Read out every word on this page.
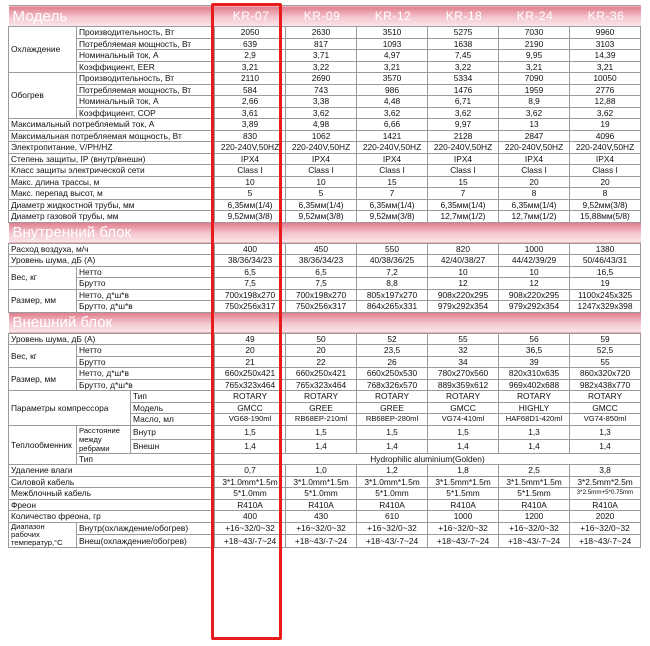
Модель			KR-07	KR-09	KR-12	KR-18	KR-24	KR-36
Охлаждение	Производительность, Вт		2050	2630	3510	5275	7030	9960
	Потребляемая мощность, Вт		639	817	1093	1638	2190	3103
	Номинальный ток, А		2,9	3,71	4,97	7,45	9,95	14,39
	Коэффициент, EER		3,21	3,22	3,21	3,22	3,21	3,21
Обогрев	Производительность, Вт		2110	2690	3570	5334	7090	10050
	Потребляемая мощность, Вт		584	743	986	1476	1959	2776
	Номинальный ток, А		2,66	3,38	4,48	6,71	8,9	12,88
	Коэффициент, COP		3,61	3,62	3,62	3,62	3,62	3,62
Максимальный потребляемый ток, А			3,89	4,98	6,66	9,97	13	19
Максимальная потребляемая мощность, Вт			830	1062	1421	2128	2847	4096
Электропитание, V/PH/HZ			220-240V,50HZ	220-240V,50HZ	220-240V,50HZ	220-240V,50HZ	220-240V,50HZ	220-240V,50HZ
Степень защиты, IP (внутр/внешн)			IPX4	IPX4	IPX4	IPX4	IPX4	IPX4
Класс защиты электрической сети			Class I	Class I	Class I	Class I	Class I	Class I
Макс. длина трассы, м			10	10	15	15	20	20
Макс. перепад высот, м			5	5	7	7	8	8
Диаметр жидкостной трубы, мм			6,35мм(1/4)	6,35мм(1/4)	6,35мм(1/4)	6,35мм(1/4)	6,35мм(1/4)	9,52мм(3/8)
Диаметр газовой трубы, мм			9,52мм(3/8)	9,52мм(3/8)	9,52мм(3/8)	12,7мм(1/2)	12,7мм(1/2)	15,88мм(5/8)
Внутренний блок								
Расход воздуха, м/ч			400	450	550	820	1000	1380
Уровень шума, дБ (А)			38/36/34/23	38/36/34/23	40/38/36/25	42/40/38/27	44/42/39/29	50/46/43/31
Вес, кг	Нетто		6,5	6,5	7,2	10	10	16,5
	Брутто		7,5	7,5	8,8	12	12	19
Размер, мм	Нетто, д*ш*в		700x198x270	700x198x270	805x197x270	908x220x295	908x220x295	1100x245x325
	Брутто, д*ш*в		750x256x317	750x256x317	864x265x331	979x292x354	979x292x354	1247x329x398
Внешний блок								
Уровень шума, дБ (А)			49	50	52	55	56	59
Вес, кг	Нетто		20	20	23,5	32	36,5	52,5
	Брутто		21	22	26	34	39	55
Размер, мм	Нетто, д*ш*в		660x250x421	660x250x421	660x250x530	780x270x560	820x310x635	860x320x720
	Брутто, д*ш*в		765x323x464	765x323x464	768x326x570	889x359x612	969x402x688	982x438x770
Параметры компрессора		Тип	ROTARY	ROTARY	ROTARY	ROTARY	ROTARY	ROTARY
		Модель	GMCC	GREE	GREE	GMCC	HIGHLY	GMCC
		Масло, мл	VG68-190ml	RB68EP-210ml	RB68EP-280ml	VG74-410ml	HAF68D1-420ml	VG74-850ml
Теплообменник	Расстояние между ребрами	Внутр	1,5	1,5	1,5	1,5	1,3	1,3
		Внешн	1,4	1,4	1,4	1,4	1,4	1,4
	Тип		Hydrophilic aluminium(Golden)					
Удаление влаги			0,7	1,0	1,2	1,8	2,5	3,8
Силовой кабель			3*1.0mm*1.5m	3*1.0mm*1.5m	3*1.0mm*1.5m	3*1.5mm*1.5m	3*1.5mm*1.5m	3*2.5mm*2.5m
Межблочный кабель			5*1.0mm	5*1.0mm	5*1.0mm	5*1.5mm	5*1.5mm	3*2.5mm+5*0.75mm
Фреон			R410A	R410A	R410A	R410A	R410A	R410A
Количество фреона, гр			400	430	610	1000	1200	2020
Диапазон рабочих температур,°С	Внутр(охлаждение/обогрев)		+16~32/0~32	+16~32/0~32	+16~32/0~32	+16~32/0~32	+16~32/0~32	+16~32/0~32
	Внеш(охлаждение/обогрев)		+18~43/-7~24	+18~43/-7~24	+18~43/-7~24	+18~43/-7~24	+18~43/-7~24	+18~43/-7~24
